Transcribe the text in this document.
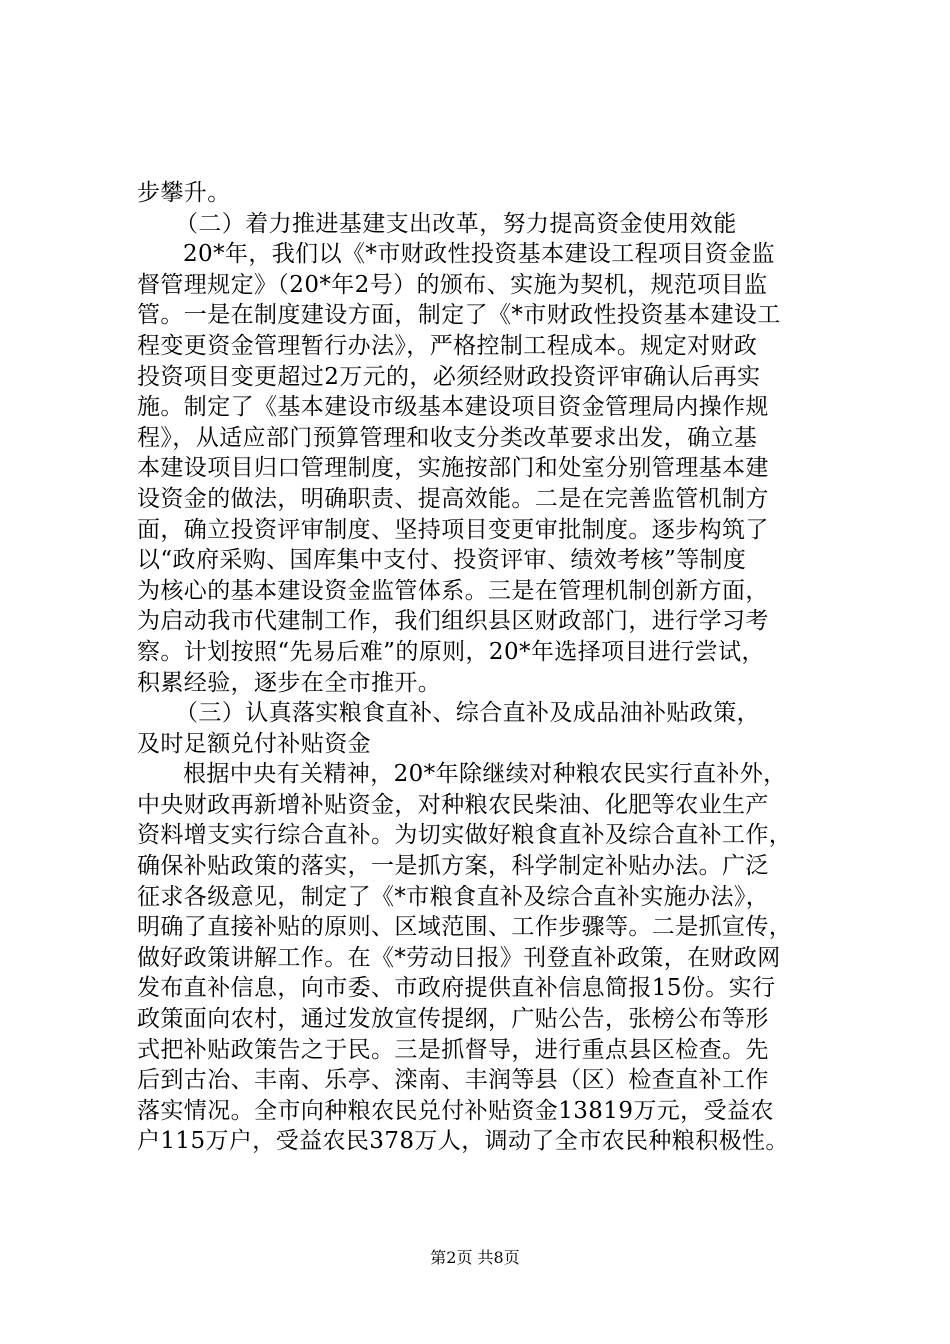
步攀升。
（二）着力推进基建支出改革，努力提高资金使用效能
20*年，我们以《*市财政性投资基本建设工程项目资金监
督管理规定》（20*年2号）的颁布、实施为契机，规范项目监
管。一是在制度建设方面，制定了《*市财政性投资基本建设工
程变更资金管理暂行办法》，严格控制工程成本。规定对财政
投资项目变更超过2万元的，必须经财政投资评审确认后再实
施。制定了《基本建设市级基本建设项目资金管理局内操作规
程》，从适应部门预算管理和收支分类改革要求出发，确立基
本建设项目归口管理制度，实施按部门和处室分别管理基本建
设资金的做法，明确职责、提高效能。二是在完善监管机制方
面，确立投资评审制度、坚持项目变更审批制度。逐步构筑了
以“政府采购、国库集中支付、投资评审、绩效考核”等制度
为核心的基本建设资金监管体系。三是在管理机制创新方面，
为启动我市代建制工作，我们组织县区财政部门，进行学习考
察。计划按照“先易后难”的原则，20*年选择项目进行尝试，
积累经验，逐步在全市推开。
（三）认真落实粮食直补、综合直补及成品油补贴政策，
及时足额兑付补贴资金
根据中央有关精神，20*年除继续对种粮农民实行直补外，
中央财政再新增补贴资金，对种粮农民柴油、化肥等农业生产
资料增支实行综合直补。为切实做好粮食直补及综合直补工作，
确保补贴政策的落实，一是抓方案，科学制定补贴办法。广泛
征求各级意见，制定了《*市粮食直补及综合直补实施办法》，
明确了直接补贴的原则、区域范围、工作步骤等。二是抓宣传，
做好政策讲解工作。在《*劳动日报》刊登直补政策，在财政网
发布直补信息，向市委、市政府提供直补信息简报15份。实行
政策面向农村，通过发放宣传提纲，广贴公告，张榜公布等形
式把补贴政策告之于民。三是抓督导，进行重点县区检查。先
后到古冶、丰南、乐亭、滦南、丰润等县（区）检查直补工作
落实情况。全市向种粮农民兑付补贴资金13819万元，受益农
户115万户，受益农民378万人，调动了全市农民种粮积极性。
第2页 共8页
